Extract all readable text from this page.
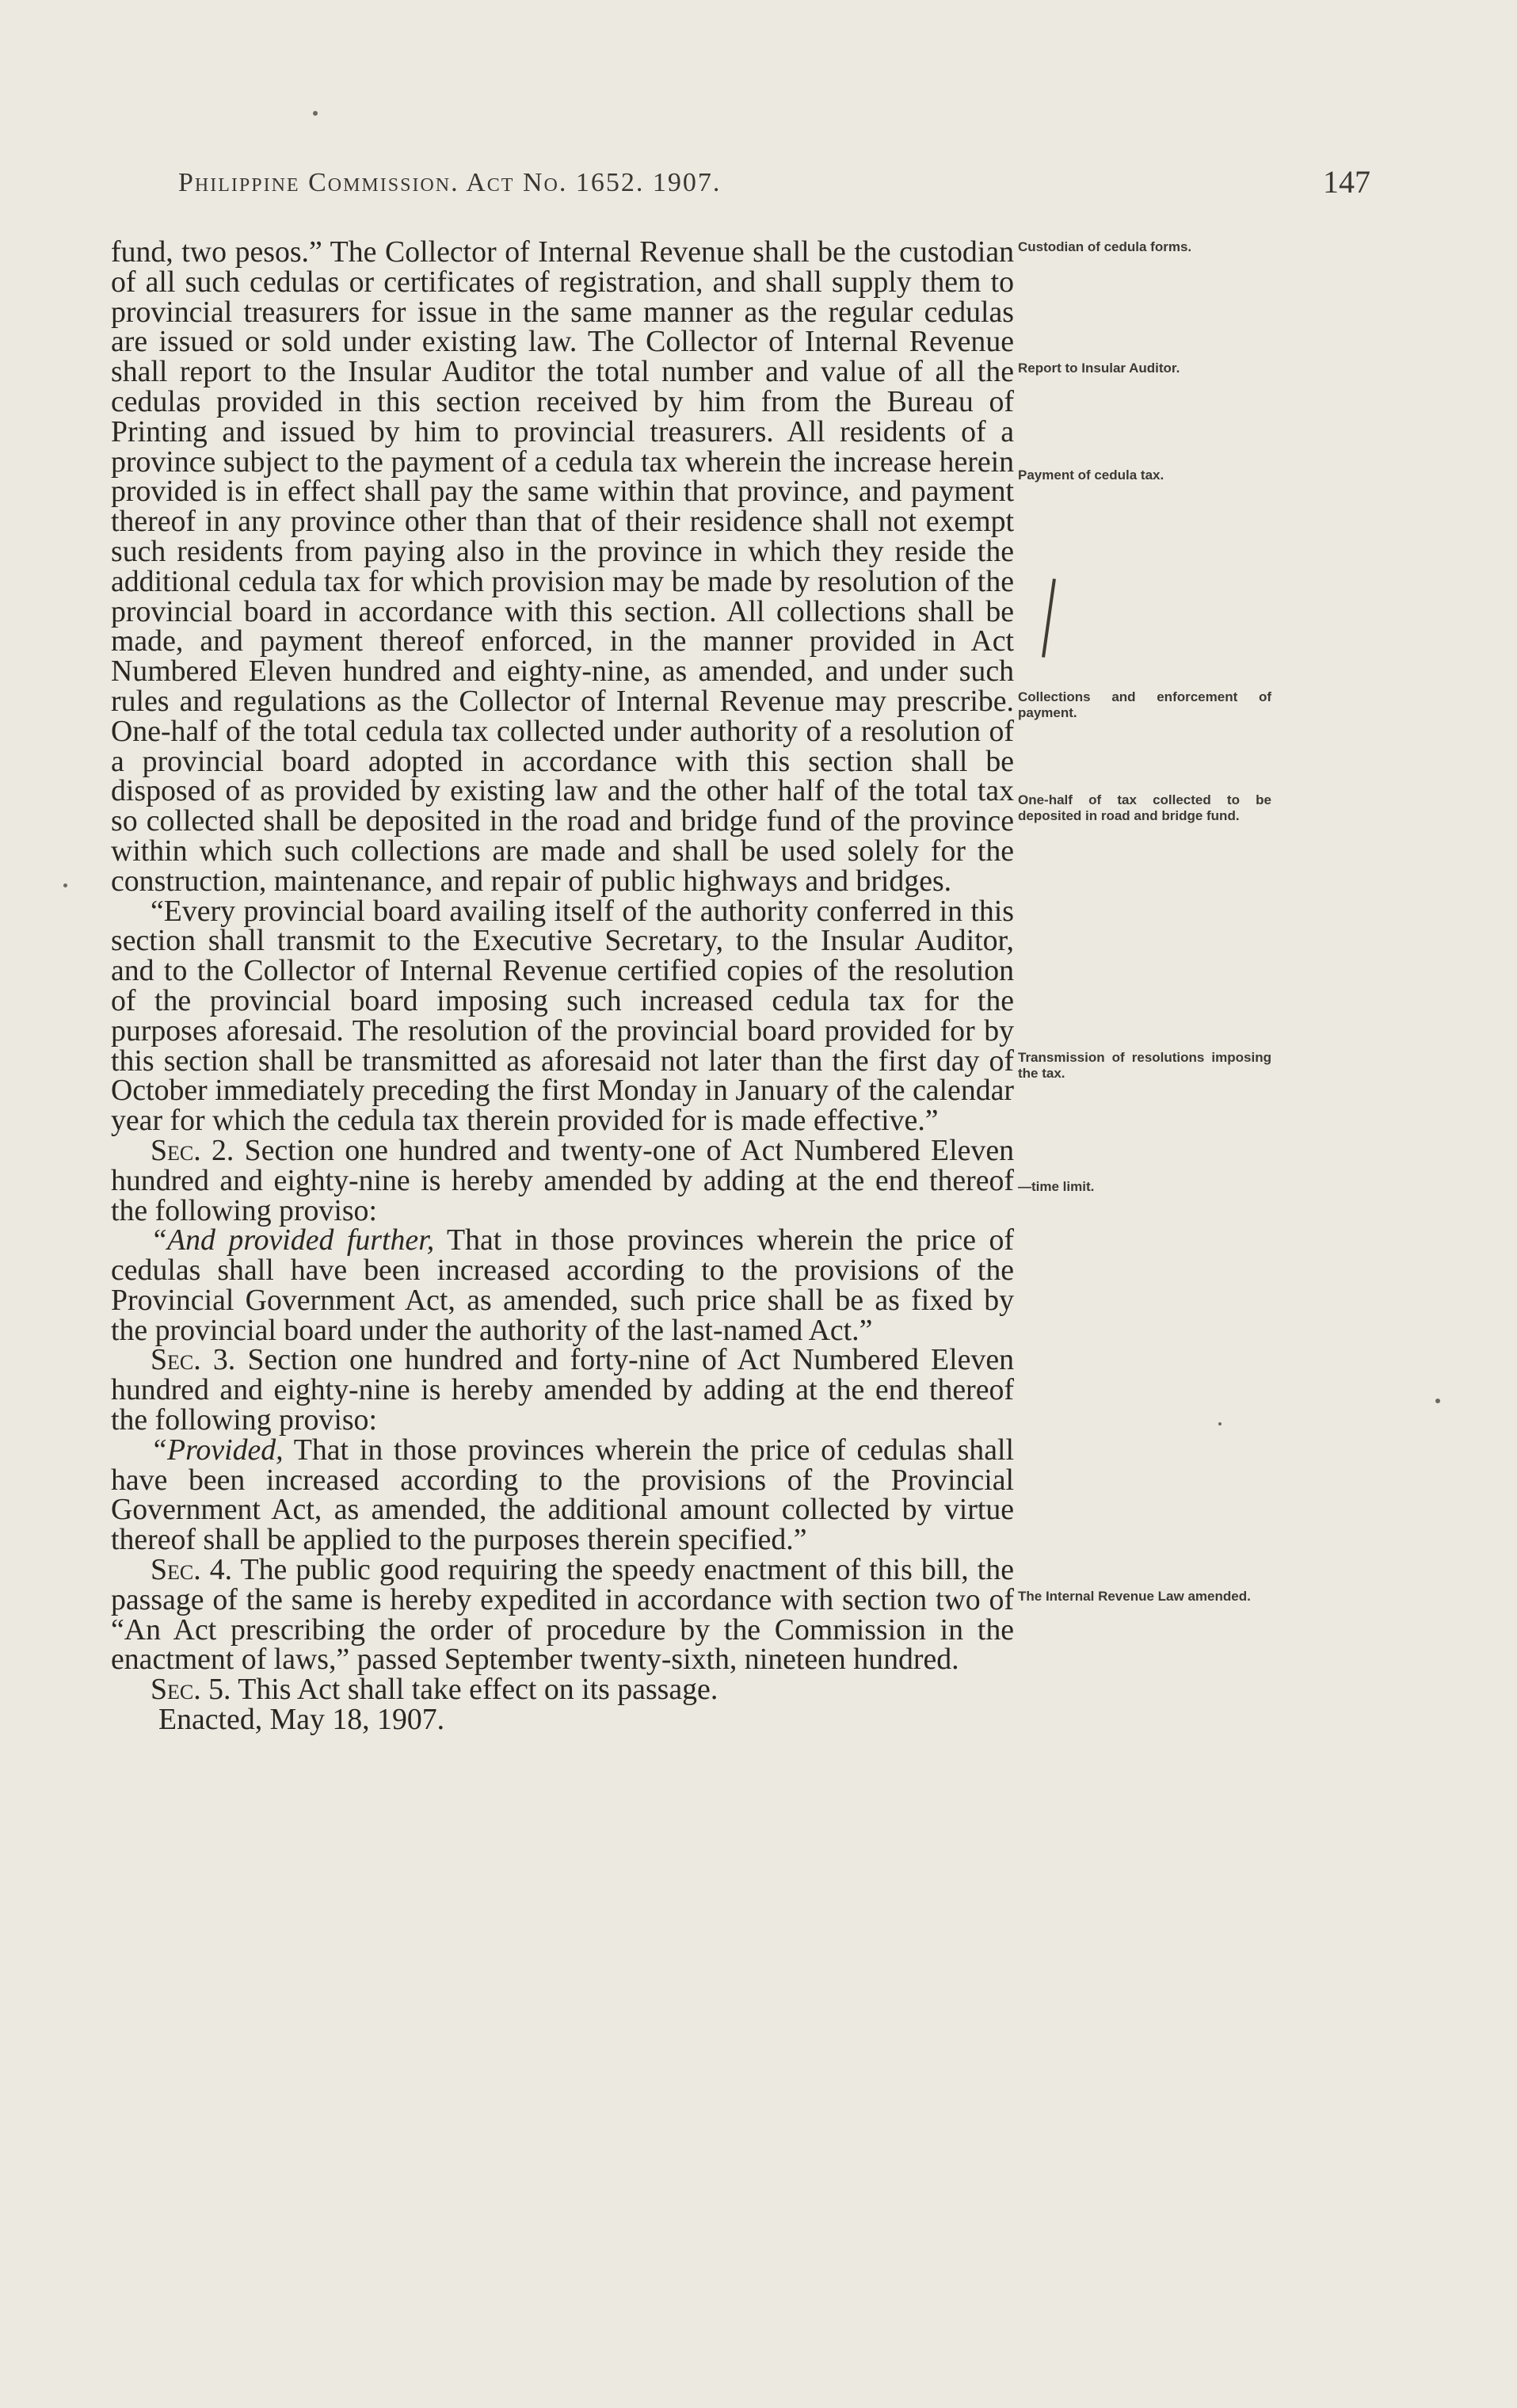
Philippine Commission. Act No. 1652. 1907.	147

fund, two pesos.” The Collector of Internal Revenue shall be the custodian of all such cedulas or certificates of registration, and shall supply them to provincial treasurers for issue in the same manner as the regular cedulas are issued or sold under existing law. The Collector of Internal Revenue shall report to the Insular Auditor the total number and value of all the cedulas provided in this section received by him from the Bureau of Printing and issued by him to provincial treasurers. All residents of a province subject to the payment of a cedula tax wherein the increase herein provided is in effect shall pay the same within that province, and payment thereof in any province other than that of their residence shall not exempt such residents from paying also in the province in which they reside the additional cedula tax for which provision may be made by resolution of the provincial board in accordance with this section. All collections shall be made, and payment thereof enforced, in the manner provided in Act Numbered Eleven hundred and eighty-nine, as amended, and under such rules and regulations as the Collector of Internal Revenue may prescribe. One-half of the total cedula tax collected under authority of a resolution of a provincial board adopted in accordance with this section shall be disposed of as provided by existing law and the other half of the total tax so collected shall be deposited in the road and bridge fund of the province within which such collections are made and shall be used solely for the construction, maintenance, and repair of public highways and bridges.

“Every provincial board availing itself of the authority conferred in this section shall transmit to the Executive Secretary, to the Insular Auditor, and to the Collector of Internal Revenue certified copies of the resolution of the provincial board imposing such increased cedula tax for the purposes aforesaid. The resolution of the provincial board provided for by this section shall be transmitted as aforesaid not later than the first day of October immediately preceding the first Monday in January of the calendar year for which the cedula tax therein provided for is made effective.”

Sec. 2. Section one hundred and twenty-one of Act Numbered Eleven hundred and eighty-nine is hereby amended by adding at the end thereof the following proviso:

“And provided further, That in those provinces wherein the price of cedulas shall have been increased according to the provisions of the Provincial Government Act, as amended, such price shall be as fixed by the provincial board under the authority of the last-named Act.”

Sec. 3. Section one hundred and forty-nine of Act Numbered Eleven hundred and eighty-nine is hereby amended by adding at the end thereof the following proviso:

“Provided, That in those provinces wherein the price of cedulas shall have been increased according to the provisions of the Provincial Government Act, as amended, the additional amount collected by virtue thereof shall be applied to the purposes therein specified.”

Sec. 4. The public good requiring the speedy enactment of this bill, the passage of the same is hereby expedited in accordance with section two of “An Act prescribing the order of procedure by the Commission in the enactment of laws,” passed September twenty-sixth, nineteen hundred.

Sec. 5. This Act shall take effect on its passage.

Enacted, May 18, 1907.

Custodian of cedula forms.
Report to Insular Auditor.
Payment of cedula tax.
Collections and enforcement of payment.
One-half of tax collected to be deposited in road and bridge fund.
Transmission of resolutions imposing the tax.
—time limit.
The Internal Revenue Law amended.
